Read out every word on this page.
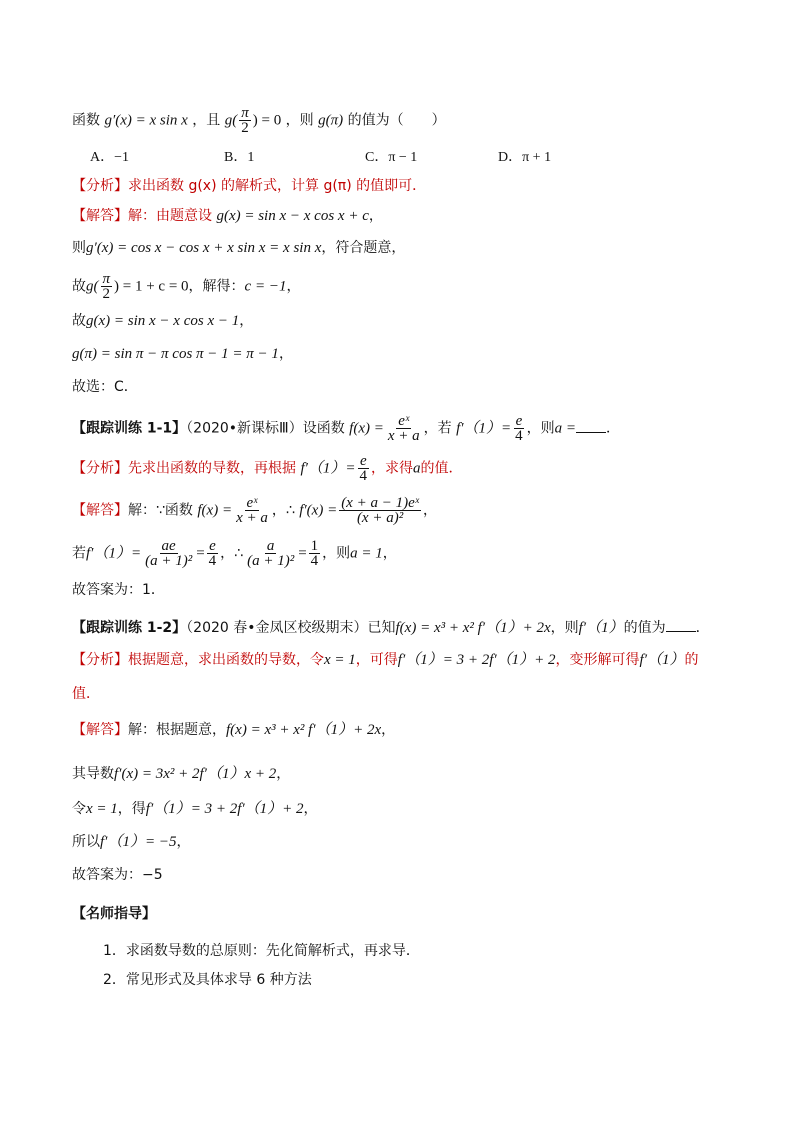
函数 g′(x) = x sin x ，且 $g( \frac{\pi}{2}$ ) = 0 ，则 g(π) 的值为（　　）
A．−1	B．1	C．π − 1	D．π + 1
【分析】求出函数 g(x) 的解析式，计算 g(π) 的值即可．
【解答】解：由题意设 g(x) = sin x − x cos x + c，
则g′(x) = cos x − cos x + x sin x = x sin x，符合题意，
故$g( \frac{\pi}{2}$ ) = 1 + c = 0，解得：c = −1，
故g(x) = sin x − x cos x − 1，
g(π) = sin π − π cos π − 1 = π − 1，
故选：C．
【跟踪训练 1-1】（2020•新课标Ⅲ）设函数 $f(x) = \frac{\text{eˣ}}{x + a}$ ，若 $f'(1)= \frac{e}{4}$ ，则a = ．
【分析】先求出函数的导数，再根据 $f'(1)= \frac{e}{4}$ ，求得a的值．
【解答】解：∵函数 $f(x) = \frac{\text{eˣ}}{x + a}$ ，∴ $f'(x) = \frac{\text{(x + a − 1)eˣ}}{\text{(x + a)²}}$ ，
若$f'(1)= \frac{ae}{\text{(a + 1)²}} = \frac{e}{4}$ ，∴ $\frac{a}{\text{(a + 1)²}} = \frac{1}{4}$ ，则a = 1，
故答案为：1．
【跟踪训练 1-2】（2020 春•金凤区校级期末）已知f(x) = x³ + x² f′（1）+ 2x，则f′（1）的值为 ．
【分析】根据题意，求出函数的导数，令x = 1，可得f′（1）= 3 + 2f′（1）+ 2，变形解可得f′（1）的
值．
【解答】解：根据题意，f(x) = x³ + x² f′（1）+ 2x，
其导数f′(x) = 3x² + 2f′（1）x + 2，
令x = 1，得f′（1）= 3 + 2f′（1）+ 2，
所以f′（1）= −5，
故答案为：−5
【名师指导】
1．求函数导数的总原则：先化简解析式，再求导．
2．常见形式及具体求导 6 种方法
